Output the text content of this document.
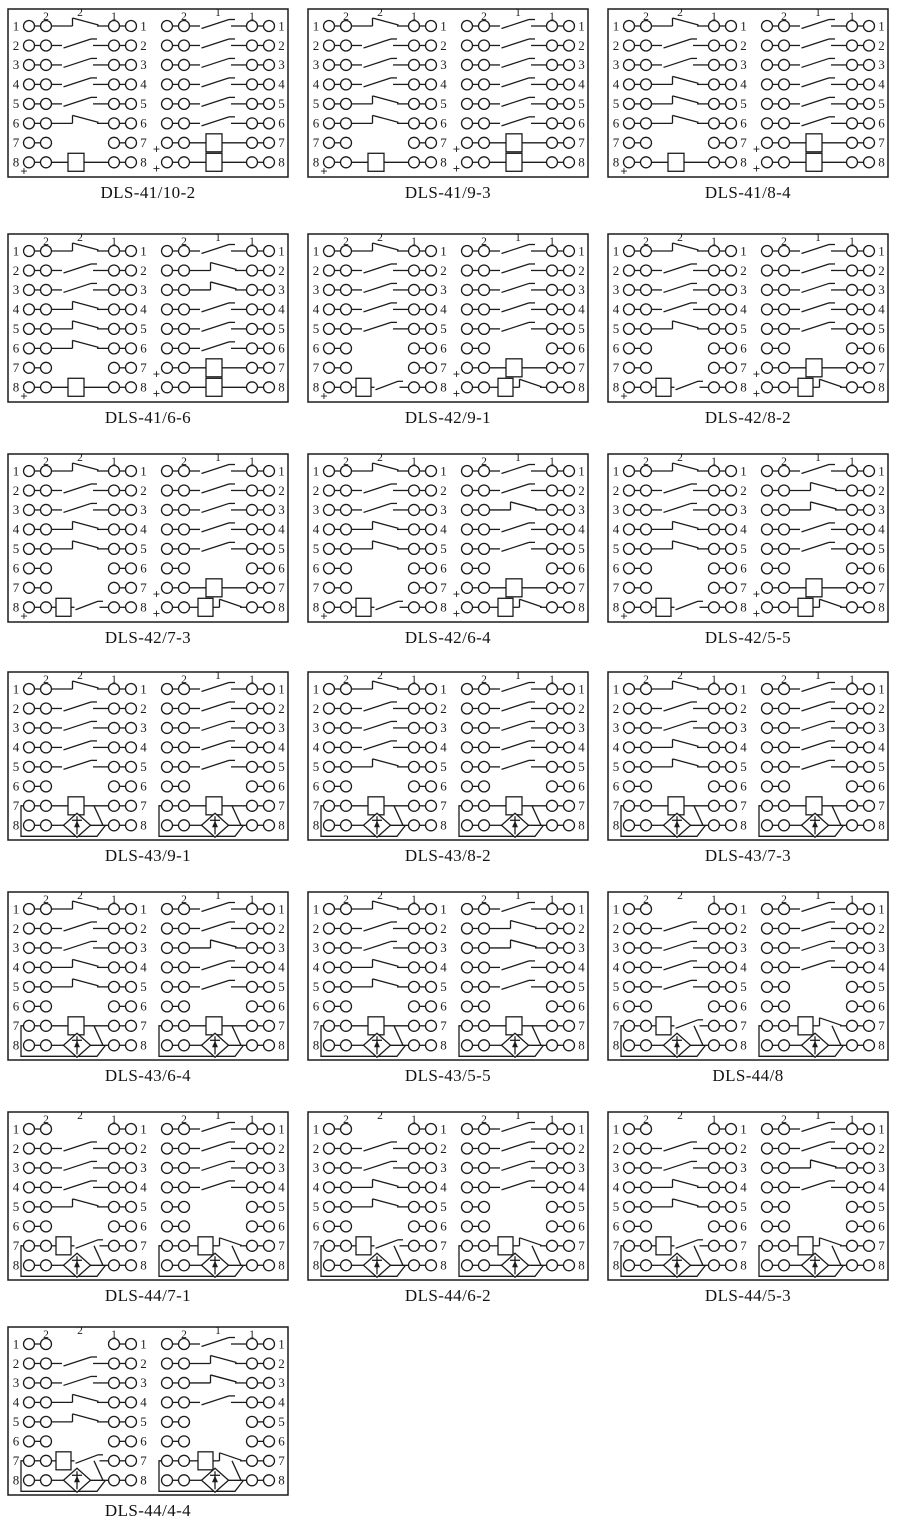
1	1	1
2	2	2
3	3	3
4	4	4
5	5	5
6	6	6
7	7	7
8	8	8
2 2 1	2 1 1
+
+
+
DLS-41/10-2
1	1	1
2	2	2
3	3	3
4	4	4
5	5	5
6	6	6
7	7	7
8	8	8
2 2 1	2 1 1
+
+
+
DLS-41/9-3
1	1	1
2	2	2
3	3	3
4	4	4
5	5	5
6	6	6
7	7	7
8	8	8
2 2 1	2 1 1
+
+
+
DLS-41/8-4
1	1	1
2	2	2
3	3	3
4	4	4
5	5	5
6	6	6
7	7	7
8	8	8
2 2 1	2 1 1
+
+
+
DLS-41/6-6
1	1	1
2	2	2
3	3	3
4	4	4
5	5	5
6	6	6
7	7	7
8	8	8
2 2 1	2 1 1
+
+
+
DLS-42/9-1
1	1	1
2	2	2
3	3	3
4	4	4
5	5	5
6	6	6
7	7	7
8	8	8
2 2 1	2 1 1
+
+
+
DLS-42/8-2
1	1	1
2	2	2
3	3	3
4	4	4
5	5	5
6	6	6
7	7	7
8	8	8
2 2 1	2 1 1
+
+
+
DLS-42/7-3
1	1	1
2	2	2
3	3	3
4	4	4
5	5	5
6	6	6
7	7	7
8	8	8
2 2 1	2 1 1
+
+
+
DLS-42/6-4
1	1	1
2	2	2
3	3	3
4	4	4
5	5	5
6	6	6
7	7	7
8	8	8
2 2 1	2 1 1
+
+
+
DLS-42/5-5
1	1	1
2	2	2
3	3	3
4	4	4
5	5	5
6	6	6
7	7	7
8	8	8
2 2 1	2 1 1
DLS-43/9-1
1	1	1
2	2	2
3	3	3
4	4	4
5	5	5
6	6	6
7	7	7
8	8	8
2 2 1	2 1 1
DLS-43/8-2
1	1	1
2	2	2
3	3	3
4	4	4
5	5	5
6	6	6
7	7	7
8	8	8
2 2 1	2 1 1
DLS-43/7-3
1	1	1
2	2	2
3	3	3
4	4	4
5	5	5
6	6	6
7	7	7
8	8	8
2 2 1	2 1 1
DLS-43/6-4
1	1	1
2	2	2
3	3	3
4	4	4
5	5	5
6	6	6
7	7	7
8	8	8
2 2 1	2 1 1
DLS-43/5-5
1	1	1
2	2	2
3	3	3
4	4	4
5	5	5
6	6	6
7	7	7
8	8	8
2 2 1	2 1 1
DLS-44/8
1	1	1
2	2	2
3	3	3
4	4	4
5	5	5
6	6	6
7	7	7
8	8	8
2 2 1	2 1 1
DLS-44/7-1
1	1	1
2	2	2
3	3	3
4	4	4
5	5	5
6	6	6
7	7	7
8	8	8
2 2 1	2 1 1
DLS-44/6-2
1	1	1
2	2	2
3	3	3
4	4	4
5	5	5
6	6	6
7	7	7
8	8	8
2 2 1	2 1 1
DLS-44/5-3
1	1	1
2	2	2
3	3	3
4	4	4
5	5	5
6	6	6
7	7	7
8	8	8
2 2 1	2 1 1
DLS-44/4-4
